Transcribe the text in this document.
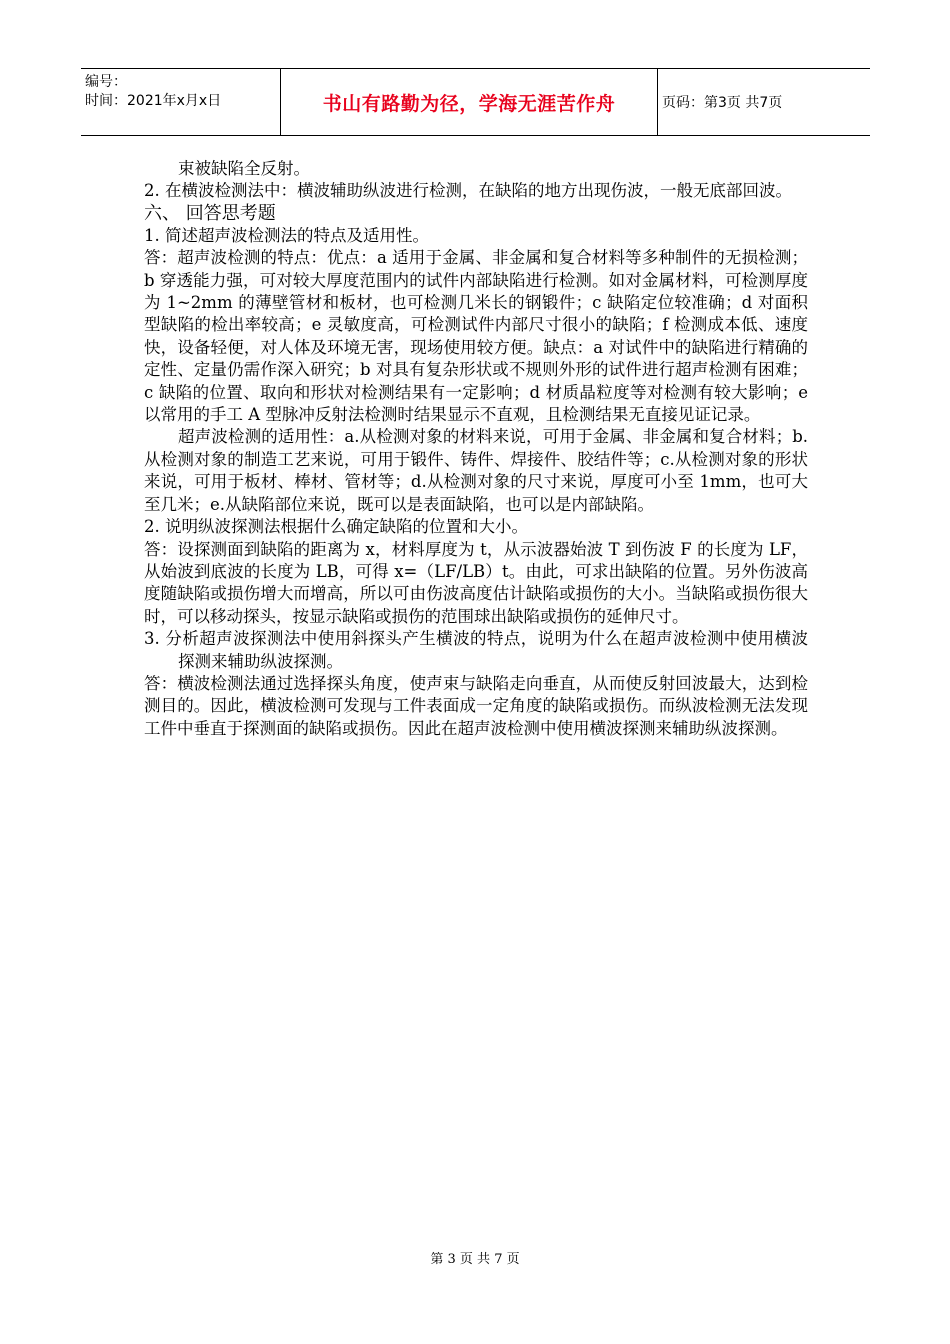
编号：
时间：2021年x月x日	书山有路勤为径，学海无涯苦作舟	页码：第3页 共7页

束被缺陷全反射。

2. 在横波检测法中：横波辅助纵波进行检测，在缺陷的地方出现伤波，一般无底部回波。

六、 回答思考题

1. 简述超声波检测法的特点及适用性。

答：超声波检测的特点：优点：a 适用于金属、非金属和复合材料等多种制件的无损检测；b 穿透能力强，可对较大厚度范围内的试件内部缺陷进行检测。如对金属材料，可检测厚度为 1~2mm 的薄壁管材和板材，也可检测几米长的钢锻件；c 缺陷定位较准确；d 对面积型缺陷的检出率较高；e 灵敏度高，可检测试件内部尺寸很小的缺陷；f 检测成本低、速度快，设备轻便，对人体及环境无害，现场使用较方便。缺点：a 对试件中的缺陷进行精确的定性、定量仍需作深入研究；b 对具有复杂形状或不规则外形的试件进行超声检测有困难；c 缺陷的位置、取向和形状对检测结果有一定影响；d 材质晶粒度等对检测有较大影响；e 以常用的手工 A 型脉冲反射法检测时结果显示不直观，且检测结果无直接见证记录。

超声波检测的适用性：a.从检测对象的材料来说，可用于金属、非金属和复合材料；b.从检测对象的制造工艺来说，可用于锻件、铸件、焊接件、胶结件等；c.从检测对象的形状来说，可用于板材、棒材、管材等；d.从检测对象的尺寸来说，厚度可小至 1mm，也可大至几米；e.从缺陷部位来说，既可以是表面缺陷，也可以是内部缺陷。

2. 说明纵波探测法根据什么确定缺陷的位置和大小。

答：设探测面到缺陷的距离为 x，材料厚度为 t，从示波器始波 T 到伤波 F 的长度为 LF，从始波到底波的长度为 LB，可得 x=（LF/LB）t。由此，可求出缺陷的位置。另外伤波高度随缺陷或损伤增大而增高，所以可由伤波高度估计缺陷或损伤的大小。当缺陷或损伤很大时，可以移动探头，按显示缺陷或损伤的范围球出缺陷或损伤的延伸尺寸。

3. 分析超声波探测法中使用斜探头产生横波的特点，说明为什么在超声波检测中使用横波探测来辅助纵波探测。

答：横波检测法通过选择探头角度，使声束与缺陷走向垂直，从而使反射回波最大，达到检测目的。因此，横波检测可发现与工件表面成一定角度的缺陷或损伤。而纵波检测无法发现工件中垂直于探测面的缺陷或损伤。因此在超声波检测中使用横波探测来辅助纵波探测。

第 3 页 共 7 页
